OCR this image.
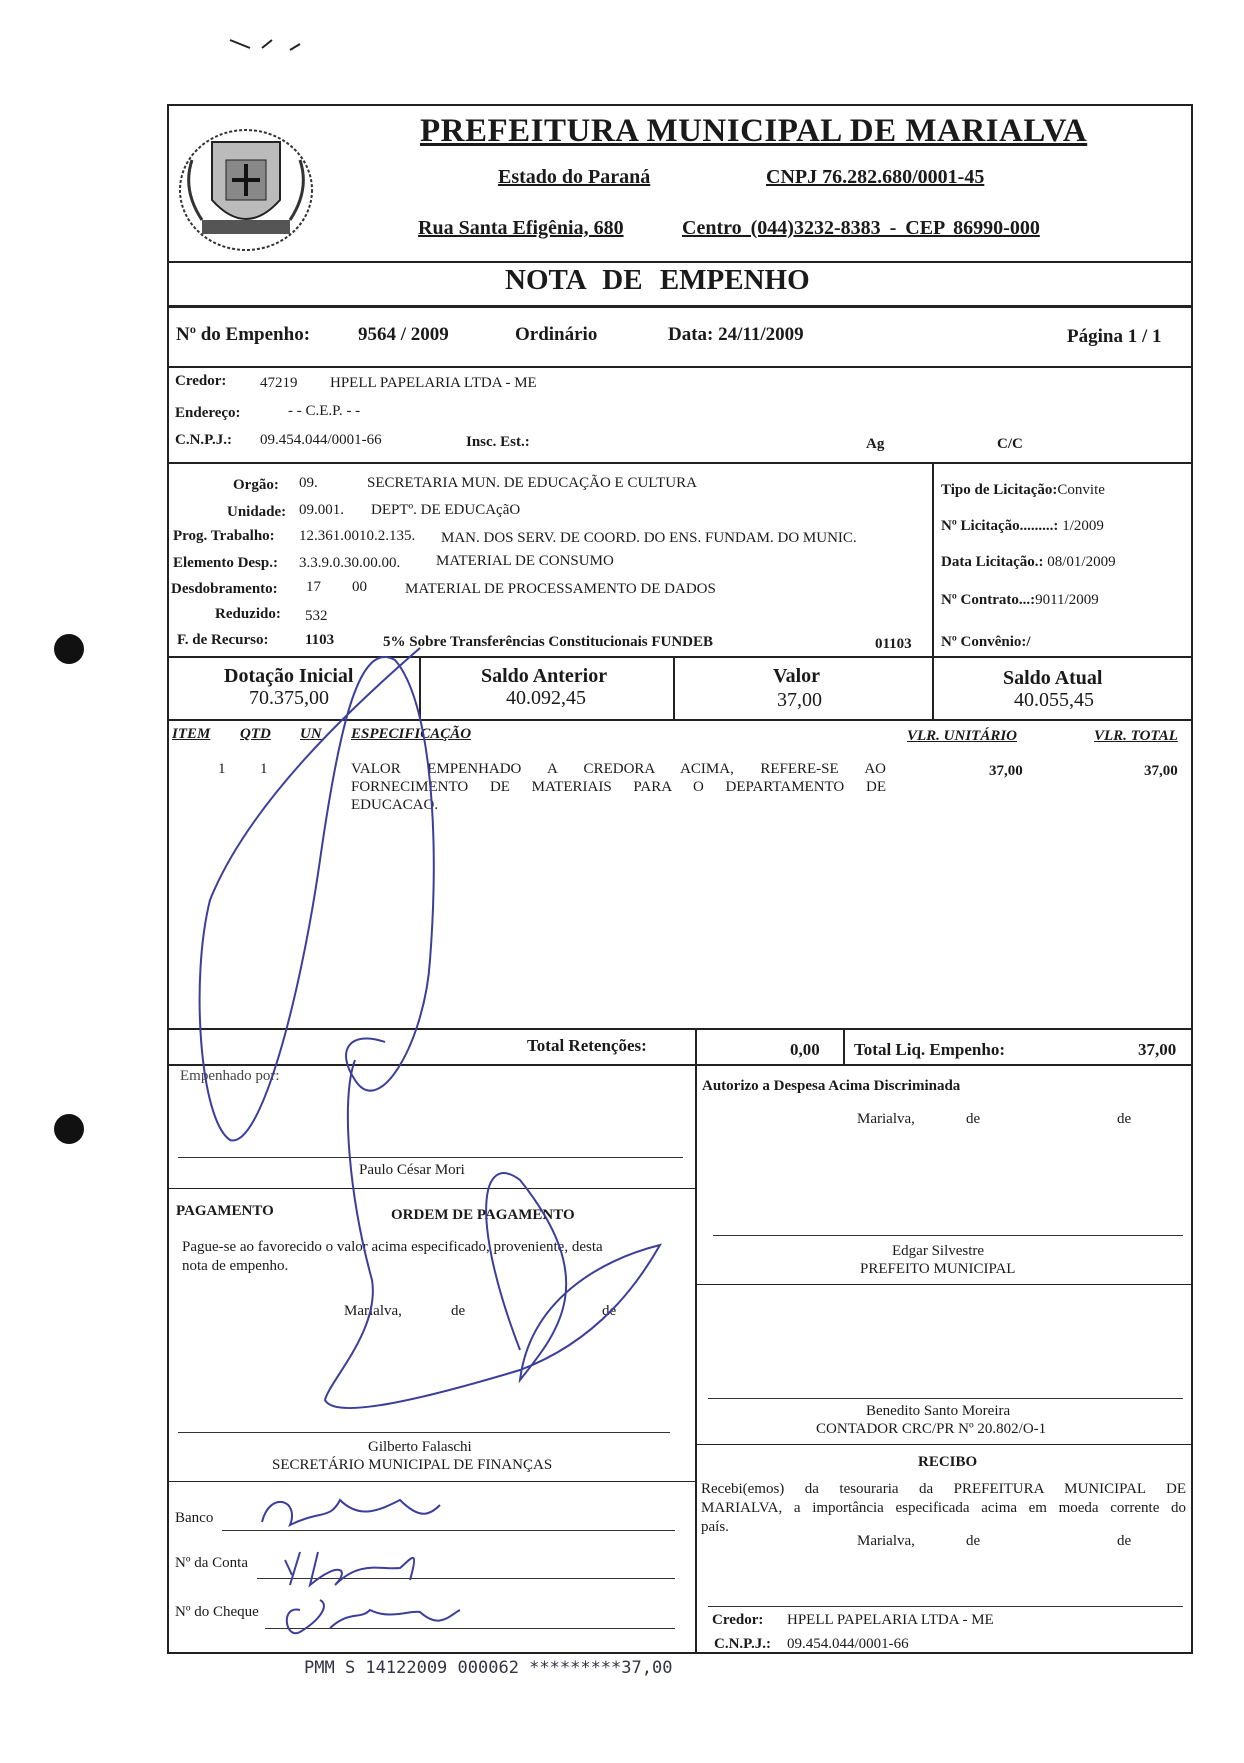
PREFEITURA MUNICIPAL DE MARIALVA
Estado do Paraná	CNPJ 76.282.680/0001-45
Rua Santa Efigênia, 680	Centro (044)3232-8383 - CEP 86990-000
NOTA DE EMPENHO
Nº do Empenho:	9564 / 2009	Ordinário	Data: 24/11/2009	Página 1 / 1
Credor: 47219 HPELL PAPELARIA LTDA - ME
Endereço:	- - C.E.P. - -
C.N.P.J.: 09.454.044/0001-66	Insc. Est.:	Ag	C/C
Orgão: 09.	SECRETARIA MUN. DE EDUCAÇÃO E CULTURA
Unidade: 09.001. DEPTº. DE EDUCAçãO
Prog. Trabalho: 12.361.0010.2.135. MAN. DOS SERV. DE COORD. DO ENS. FUNDAM. DO MUNIC.
Elemento Desp.: 3.3.9.0.30.00.00. MATERIAL DE CONSUMO
Desdobramento: 17 00	MATERIAL DE PROCESSAMENTO DE DADOS
Reduzido: 532
F. de Recurso: 1103	5% Sobre Transferências Constitucionais FUNDEB	01103
Tipo de Licitação:Convite
Nº Licitação.........: 1/2009
Data Licitação.: 08/01/2009
Nº Contrato...:9011/2009
Nº Convênio:/
Dotação Inicial
70.375,00
Saldo Anterior
40.092,45
Valor
37,00
Saldo Atual
40.055,45
ITEM QTD UN ESPECIFICAÇÃO	VLR. UNITÁRIO	VLR. TOTAL
1 1	VALOR EMPENHADO A CREDORA ACIMA, REFERE-SE AO
FORNECIMENTO DE MATERIAIS PARA O DEPARTAMENTO DE
EDUCACAO.
37,00	37,00
Total Retenções:	0,00 Total Liq. Empenho:	37,00
Empenhado por:
Paulo César Mori
PAGAMENTO	ORDEM DE PAGAMENTO
Pague-se ao favorecido o valor acima especificado, proveniente, desta
nota de empenho.
Marialva,	de	de
Gilberto Falaschi
SECRETÁRIO MUNICIPAL DE FINANÇAS
Banco
Nº da Conta
Nº do Cheque
Autorizo a Despesa Acima Discriminada
Marialva,	de	de
Edgar Silvestre
PREFEITO MUNICIPAL
Benedito Santo Moreira
CONTADOR CRC/PR Nº 20.802/O-1
RECIBO
Recebi(emos) da tesouraria da PREFEITURA MUNICIPAL DE
MARIALVA, a importância especificada acima em moeda corrente do
país.
Marialva,	de	de
Credor: HPELL PAPELARIA LTDA - ME
C.N.P.J.: 09.454.044/0001-66
PMM S 14122009 000062 *********37,00
